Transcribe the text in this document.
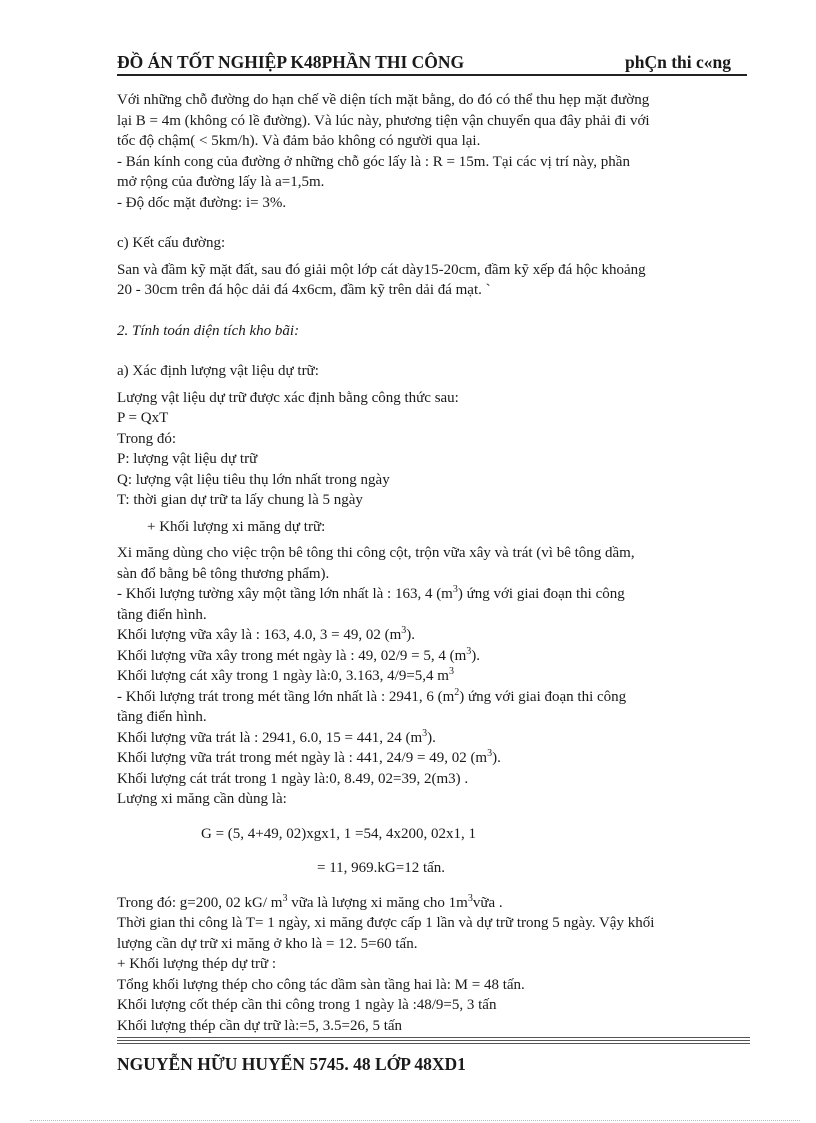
ĐỒ ÁN TỐT NGHIỆP K48PHẦN THI CÔNG	phÇn thi c«ng

Với những chỗ đường do hạn chế về diện tích mặt bằng, do đó có thể thu hẹp mặt đường

lại B = 4m (không có lề đường). Và lúc này, phương tiện vận chuyển qua đây phải đi với

tốc độ chậm( < 5km/h). Và đảm bảo không có người qua lại.

- Bán kính cong của đường ở những chỗ góc lấy là : R = 15m. Tại các vị trí này, phần

mở rộng của đường lấy là a=1,5m.

- Độ dốc mặt đường: i= 3%.

c) Kết cấu đường:

San và đầm kỹ mặt đất, sau đó giải một lớp cát dày15-20cm, đầm kỹ xếp đá hộc khoảng

20 - 30cm trên đá hộc dải đá 4x6cm, đầm kỹ trên dải đá mạt. `

2. Tính toán diện tích kho bãi:

a) Xác định lượng vật liệu dự trữ:

Lượng vật liệu dự trữ được xác định bằng công thức sau:

P = QxT

Trong đó:

P: lượng vật liệu dự trữ

Q: lượng vật liệu tiêu thụ lớn nhất trong ngày

T: thời gian dự trữ ta lấy chung là 5 ngày

+ Khối lượng xi măng dự trữ:

Xi măng dùng cho việc trộn bê tông thi công cột, trộn vữa xây và trát (vì bê tông dầm,

sàn đổ bằng bê tông thương phẩm).

- Khối lượng tường xây một tầng lớn nhất là : 163, 4 $(m^3)$ ứng với giai đoạn thi công

tầng điển hình.

Khối lượng vữa xây là : 163, 4.0, 3 = 49, 02 $(m^3)$.

Khối lượng vữa xây trong mét ngày là : 49, 02/9 = 5, 4 $(m^3)$.

Khối lượng cát xây trong 1 ngày là:0, 3.163, 4/9=5,4 $m^3$

- Khối lượng trát trong mét tầng lớn nhất là : 2941, 6 $(m^2)$ ứng với giai đoạn thi công

tầng điển hình.

Khối lượng vữa trát là : 2941, 6.0, 15 = 441, 24 $(m^3)$.

Khối lượng vữa trát trong mét ngày là : 441, 24/9 = 49, 02 $(m^3)$.

Khối lượng cát trát trong 1 ngày là:0, 8.49, 02=39, 2(m3) .

Lượng xi măng cần dùng là:

G = (5, 4+49, 02)xgx1, 1 =54, 4x200, 02x1, 1

= 11, 969.kG=12 tấn.

Trong đó: g=200, 02 kG/ $m^3$ vữa là lượng xi măng cho $1m^3vữa$ .

Thời gian thi công là T= 1 ngày, xi măng được cấp 1 lần và dự trữ trong 5 ngày. Vậy khối

lượng cần dự trữ xi măng ở kho là = 12. 5=60 tấn.

+ Khối lượng thép dự trữ :

Tổng khối lượng thép cho công tác dầm sàn tầng hai là: M = 48 tấn.

Khối lượng cốt thép cần thi công trong 1 ngày là :48/9=5, 3 tấn

Khối lượng thép cần dự trữ là:=5, 3.5=26, 5 tấn

NGUYỄN HỮU HUYẾN 5745. 48 LỚP 48XD1
